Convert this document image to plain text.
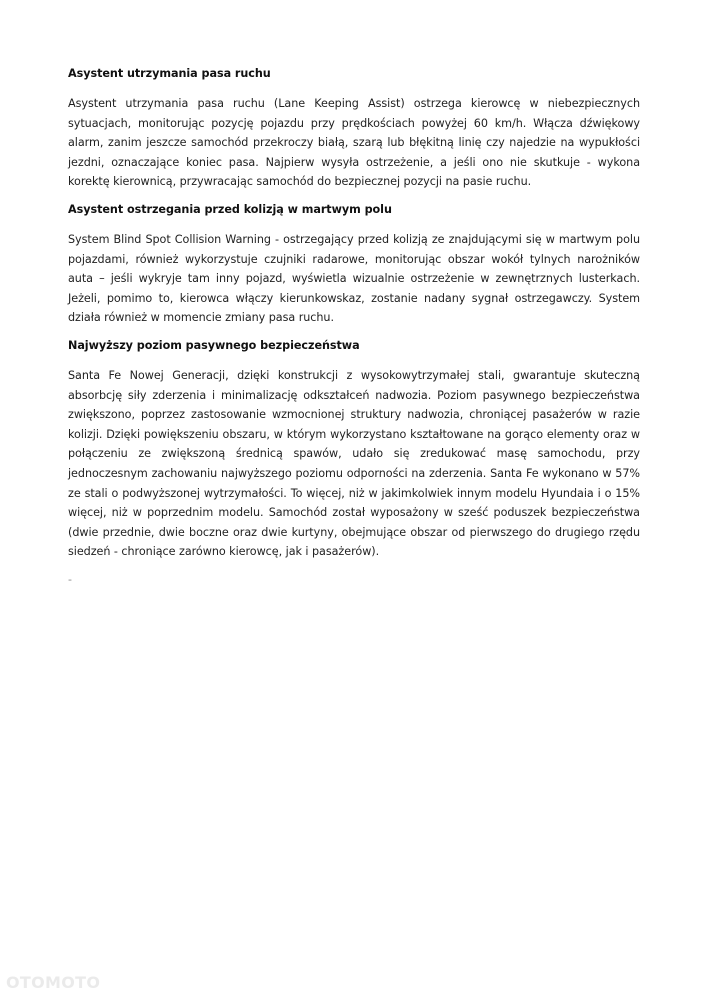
Asystent utrzymania pasa ruchu

Asystent utrzymania pasa ruchu (Lane Keeping Assist) ostrzega kierowcę w niebezpiecznych sytuacjach, monitorując pozycję pojazdu przy prędkościach powyżej 60 km/h. Włącza dźwiękowy alarm, zanim jeszcze samochód przekroczy białą, szarą lub błękitną linię czy najedzie na wypukłości jezdni, oznaczające koniec pasa. Najpierw wysyła ostrzeżenie, a jeśli ono nie skutkuje - wykona korektę kierownicą, przywracając samochód do bezpiecznej pozycji na pasie ruchu.

Asystent ostrzegania przed kolizją w martwym polu

System Blind Spot Collision Warning - ostrzegający przed kolizją ze znajdującymi się w martwym polu pojazdami, również wykorzystuje czujniki radarowe, monitorując obszar wokół tylnych narożników auta – jeśli wykryje tam inny pojazd, wyświetla wizualnie ostrzeżenie w zewnętrznych lusterkach. Jeżeli, pomimo to, kierowca włączy kierunkowskaz, zostanie nadany sygnał ostrzegawczy. System działa również w momencie zmiany pasa ruchu.

Najwyższy poziom pasywnego bezpieczeństwa

Santa Fe Nowej Generacji, dzięki konstrukcji z wysokowytrzymałej stali, gwarantuje skuteczną absorbcję siły zderzenia i minimalizację odkształceń nadwozia. Poziom pasywnego bezpieczeństwa zwiększono, poprzez zastosowanie wzmocnionej struktury nadwozia, chroniącej pasażerów w razie kolizji. Dzięki powiększeniu obszaru, w którym wykorzystano kształtowane na gorąco elementy oraz w połączeniu ze zwiększoną średnicą spawów, udało się zredukować masę samochodu, przy jednoczesnym zachowaniu najwyższego poziomu odporności na zderzenia. Santa Fe wykonano w 57% ze stali o podwyższonej wytrzymałości. To więcej, niż w jakimkolwiek innym modelu Hyundaia i o 15% więcej, niż w poprzednim modelu. Samochód został wyposażony w sześć poduszek bezpieczeństwa (dwie przednie, dwie boczne oraz dwie kurtyny, obejmujące obszar od pierwszego do drugiego rzędu siedzeń - chroniące zarówno kierowcę, jak i pasażerów).

-
OTOMOTO
